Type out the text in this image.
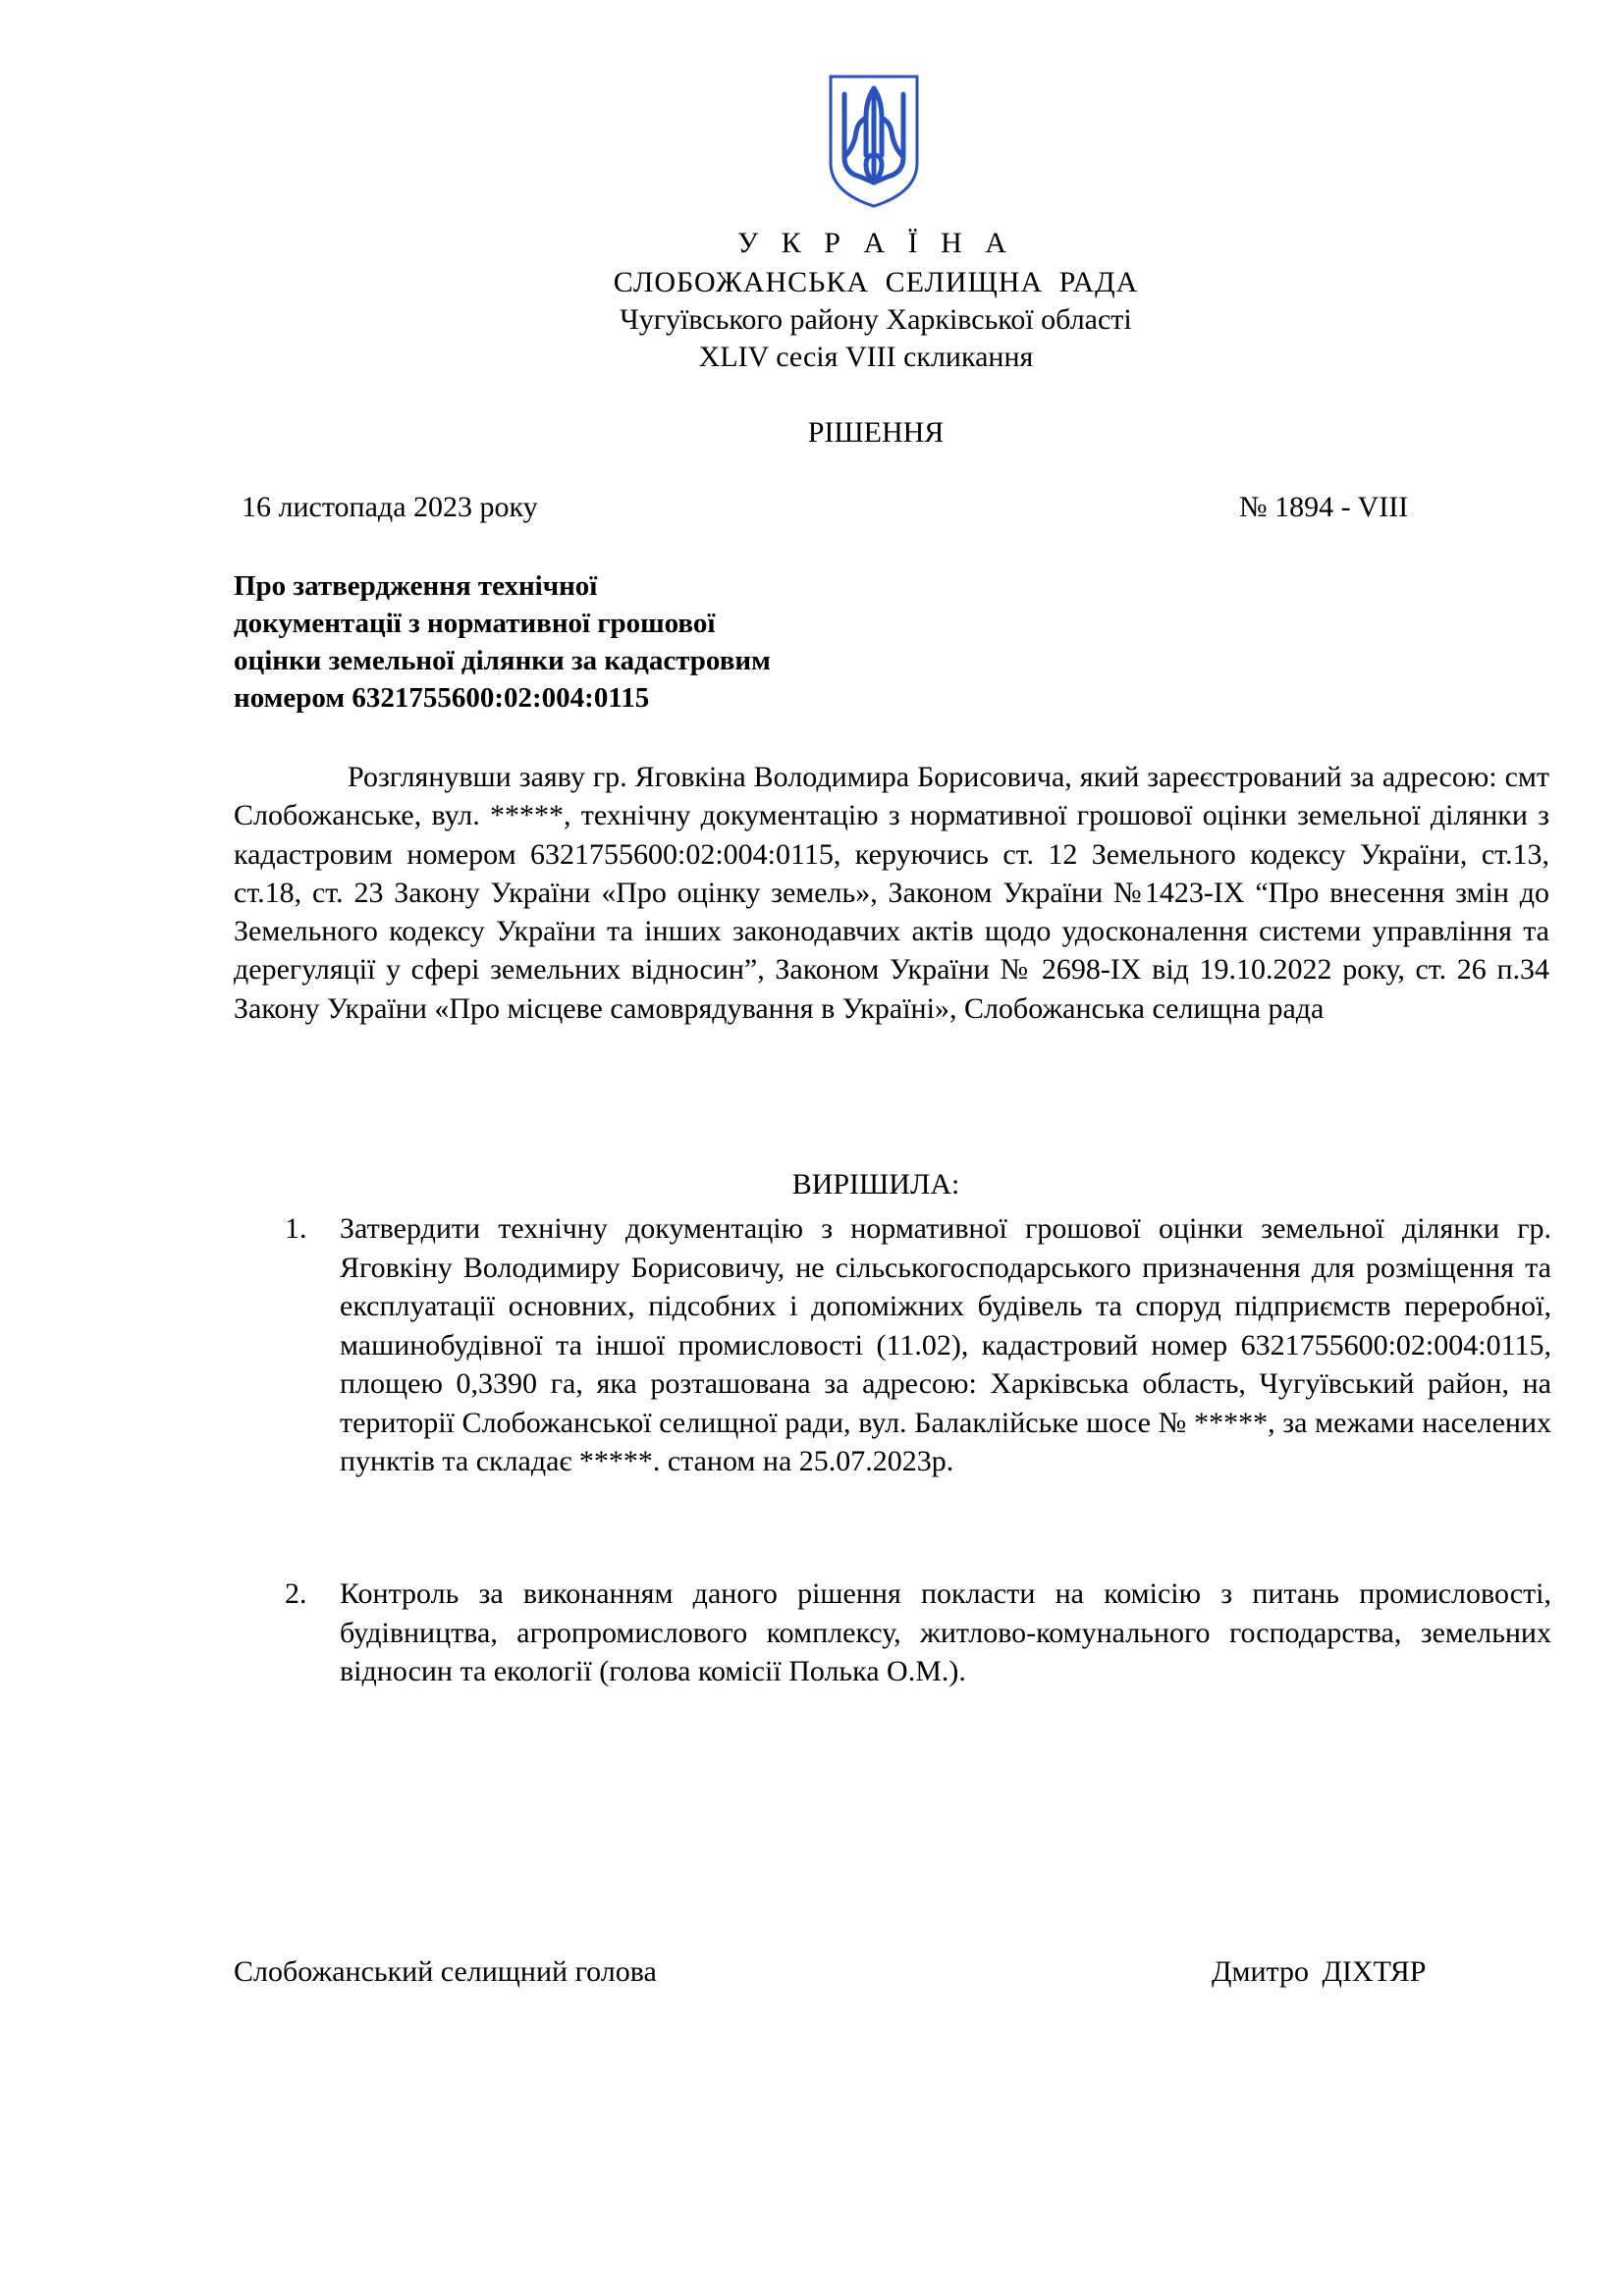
У К Р А Ї Н А
СЛОБОЖАНСЬКА СЕЛИЩНА РАДА
Чугуївського району Харківської області
XLIV сесія VIII скликання
РІШЕННЯ
16 листопада 2023 року	№ 1894 - VIII
Про затвердження технічної
документації з нормативної грошової
оцінки земельної ділянки за кадастровим
номером 6321755600:02:004:0115
Розглянувши заяву гр. Яговкіна Володимира Борисовича, який зареєстрований за адресою: смт Слобожанське, вул. *****, технічну документацію з нормативної грошової оцінки земельної ділянки з кадастровим номером 6321755600:02:004:0115, керуючись ст. 12 Земельного кодексу України, ст.13, ст.18, ст. 23 Закону України «Про оцінку земель», Законом України №1423-IX “Про внесення змін до Земельного кодексу України та інших законодавчих актів щодо удосконалення системи управління та дерегуляції у сфері земельних відносин”, Законом України № 2698-IX від 19.10.2022 року, ст. 26 п.34 Закону України «Про місцеве самоврядування в Україні», Слобожанська селищна рада
ВИРІШИЛА:
1. Затвердити технічну документацію з нормативної грошової оцінки земельної ділянки гр. Яговкіну Володимиру Борисовичу, не сільськогосподарського призначення для розміщення та експлуатації основних, підсобних і допоміжних будівель та споруд підприємств переробної, машинобудівної та іншої промисловості (11.02), кадастровий номер 6321755600:02:004:0115, площею 0,3390 га, яка розташована за адресою: Харківська область, Чугуївський район, на території Слобожанської селищної ради, вул. Балаклійське шосе № *****, за межами населених пунктів та складає *****. станом на 25.07.2023р.
2. Контроль за виконанням даного рішення покласти на комісію з питань промисловості, будівництва, агропромислового комплексу, житлово-комунального господарства, земельних відносин та екології (голова комісії Полька О.М.).
Слобожанський селищний голова	Дмитро ДІХТЯР
